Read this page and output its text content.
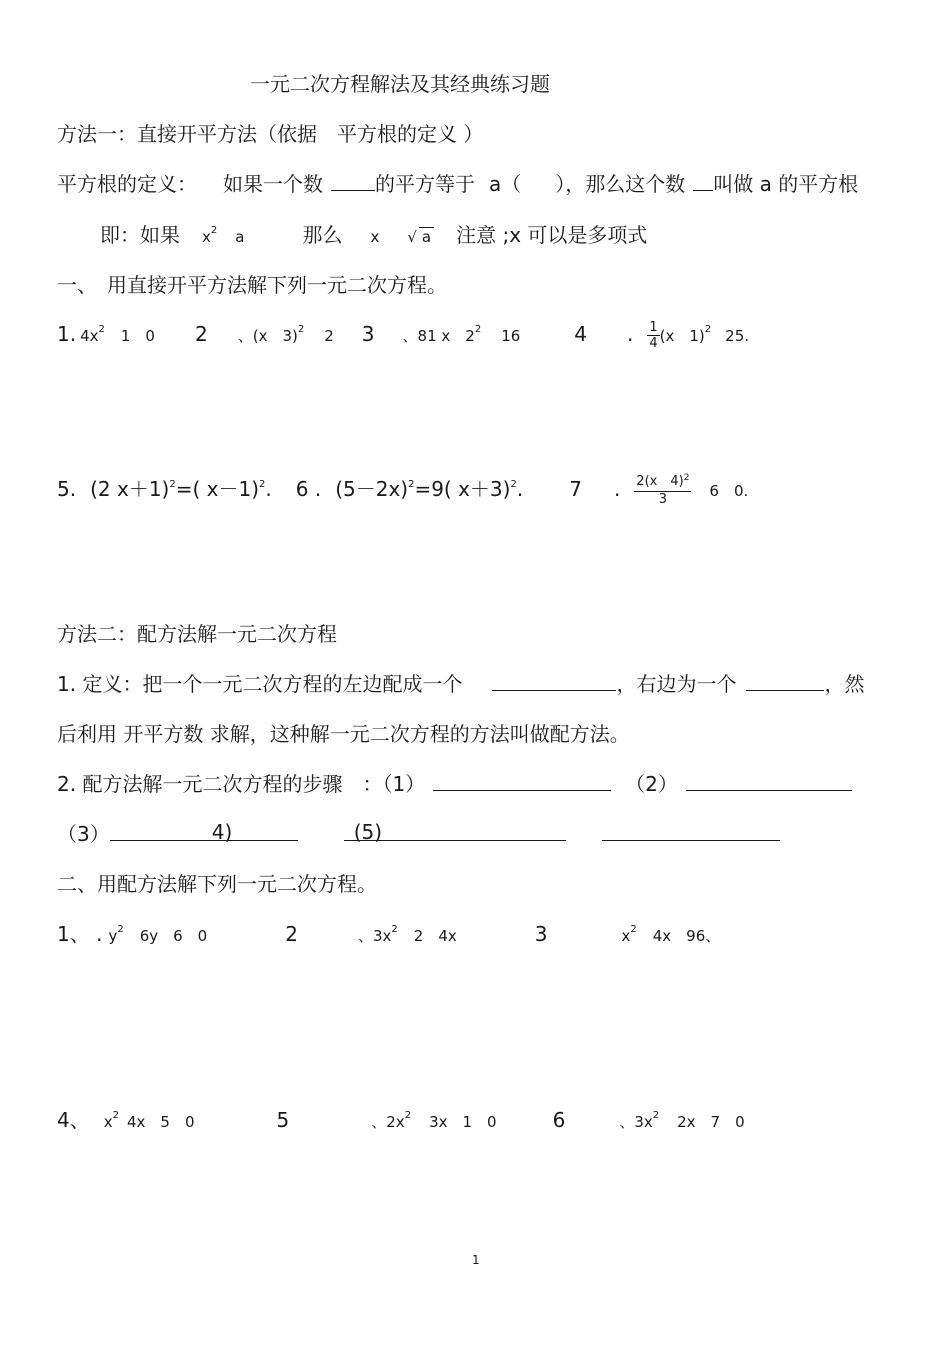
一元二次方程解法及其经典练习题
方法一：直接开平方法（依据　平方根的定义 ）
平方根的定义： 如果一个数	的平方等于 a（ ），那么这个数 叫做 a 的平方根
即：如果 $x^2$ a	那么 x √ a 注意 ;x 可以是多项式
一、　用直接开平方法解下列一元二次方程。
1. $4x^2$ 1　0 2 、(x　3)$^2$ 2 3 、81 x　$2^2$ 16	4 . $\frac{1}{4} (x$　1)$^2$ 25.
5. (2 x＋1)$^2$=( x－1)$^2$. 6 . $(5-2x)^2=9$( x＋3)$^2$. 7 . $\frac{2(x 4)^2}{3} 6$　0.
方法二：配方法解一元二次方程
1. 定义：把一个一元二次方程的左边配成一个	，右边为一个	，然
后利用 开平方数 求解，这种解一元二次方程的方法叫做配方法。
2. 配方法解一元二次方程的步骤　：（1）	（2）
（3）	4)	(5)
二、用配方法解下列一元二次方程。
1、 . $y^2$ 6y　6　0	2	、$3x^2$ 2　4x	3	$x^2$ 4x　96、
4、 $x^2$ 4x　5　0	5	、$2x^2$ 3x　1　0	6	、$3x^2$ 2x　7　0
1
